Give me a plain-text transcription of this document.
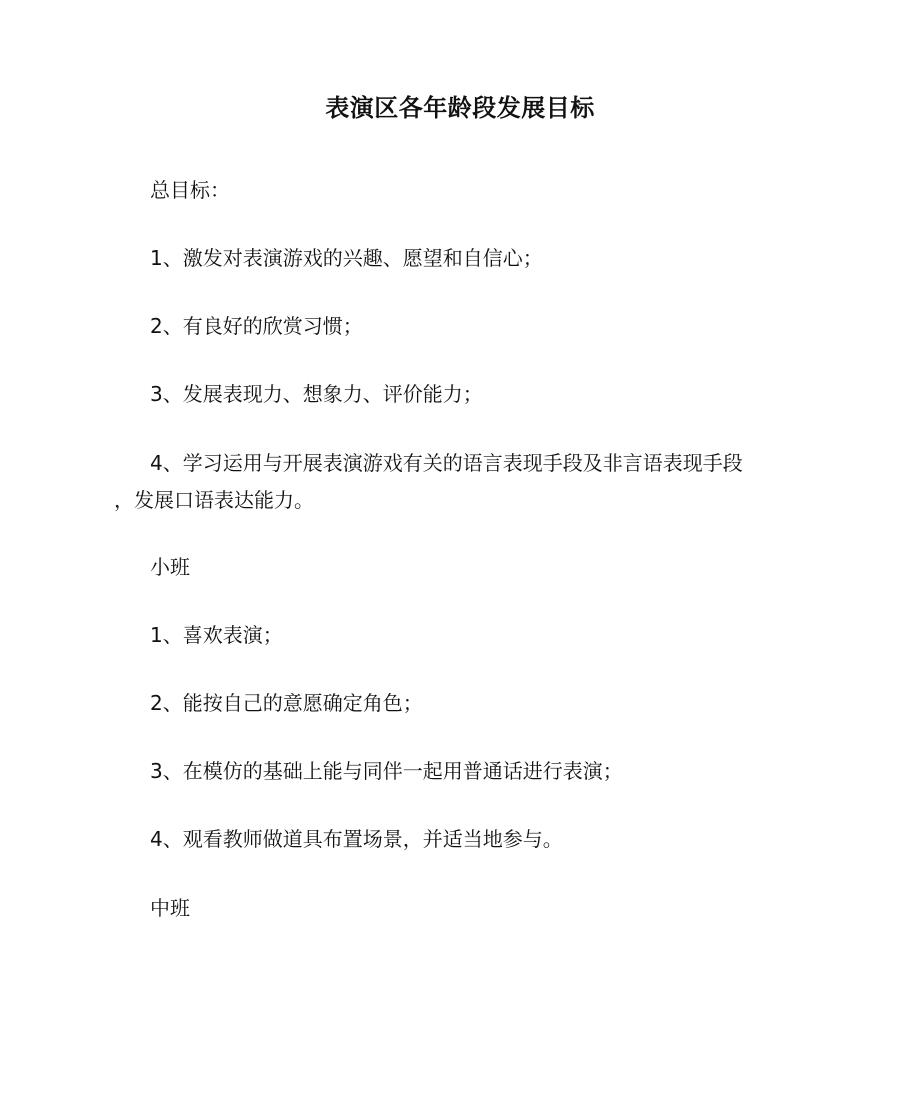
表演区各年龄段发展目标
总目标：
1、激发对表演游戏的兴趣、愿望和自信心；
2、有良好的欣赏习惯；
3、发展表现力、想象力、评价能力；
4、学习运用与开展表演游戏有关的语言表现手段及非言语表现手段
，发展口语表达能力。
小班
1、喜欢表演；
2、能按自己的意愿确定角色；
3、在模仿的基础上能与同伴一起用普通话进行表演；
4、观看教师做道具布置场景，并适当地参与。
中班
